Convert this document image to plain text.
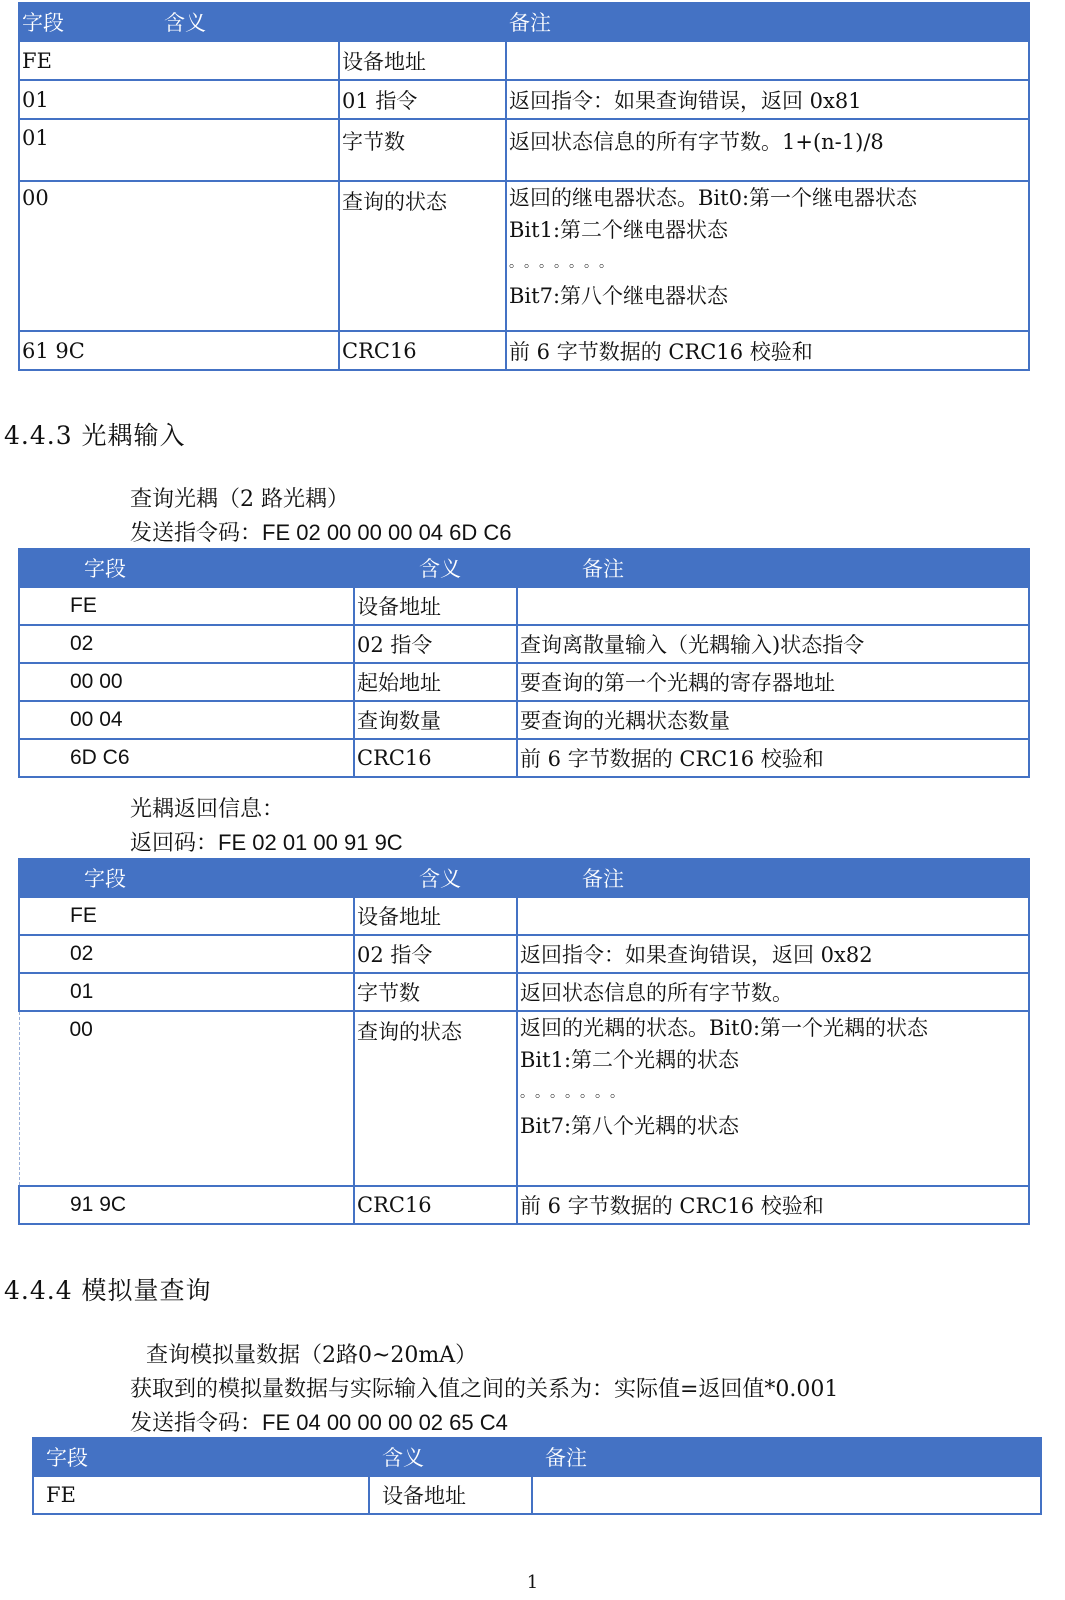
字段 含义		备注
FE	设备地址	
01	01 指令	返回指令：如果查询错误，返回 0x81
01	字节数	返回状态信息的所有字节数。1+(n-1)/8
00	查询的状态	返回的继电器状态。Bit0:第一个继电器状态
Bit1:第二个继电器状态
。。。。。。。
Bit7:第八个继电器状态

61 9C	CRC16	前 6 字节数据的 CRC16 校验和
4.4.3 光耦输入
查询光耦（2 路光耦）
发送指令码：FE 02 00 00 00 04 6D C6
字段	含义	备注
FE	设备地址	
02	02 指令	查询离散量输入（光耦输入)状态指令
00 00	起始地址	要查询的第一个光耦的寄存器地址
00 04	查询数量	要查询的光耦状态数量
6D C6	CRC16	前 6 字节数据的 CRC16 校验和
光耦返回信息：
返回码：FE 02 01 00 91 9C
字段	含义	备注
FE	设备地址	
02	02 指令	返回指令：如果查询错误，返回 0x82
01	字节数	返回状态信息的所有字节数。
00	查询的状态	返回的光耦的状态。Bit0:第一个光耦的状态
Bit1:第二个光耦的状态
。。。。。。。
Bit7:第八个光耦的状态

91 9C	CRC16	前 6 字节数据的 CRC16 校验和
4.4.4 模拟量查询
查询模拟量数据（2路0~20mA）
获取到的模拟量数据与实际输入值之间的关系为：实际值=返回值*0.001
发送指令码：FE 04 00 00 00 02 65 C4
字段	含义	备注
FE	设备地址	
1
